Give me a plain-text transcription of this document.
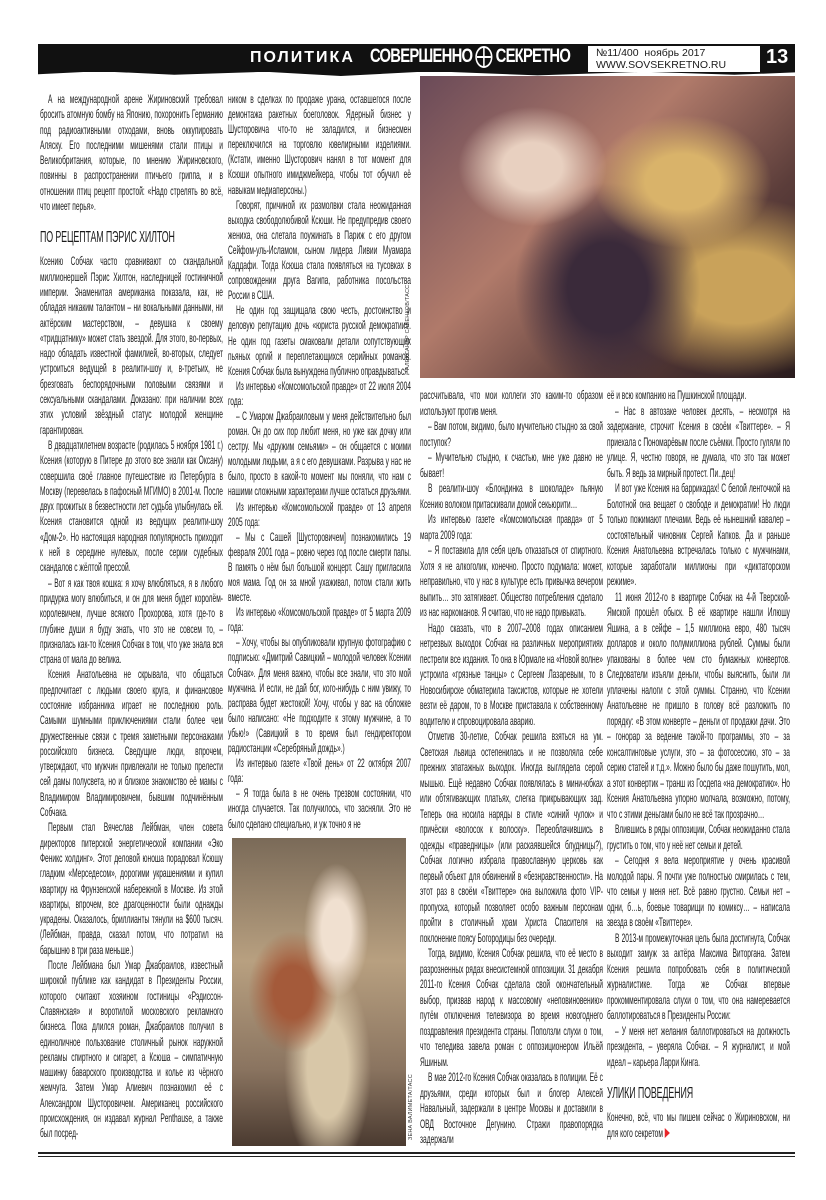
ПОЛИТИКА СОВЕРШЕННО СЕКРЕТНО №11/400  ноябрь 2017
WWW.SOVSEKRETNO.RU	13
АЛЕКСАНДР САВЕНКОВ/ТАСС
ЗЕНА ВАЛИМЕТА/ТАСС

А на международной арене Жириновский требовал бросить атомную бомбу на Японию, похоронить Германию под радиоактивными отходами, вновь оккупировать Аляску. Его последними мишенями стали птицы и Великобритания, которые, по мнению Жириновского, повинны в распространении птичьего гриппа, и в отношении птиц рецепт простой: «Надо стрелять во всё, что имеет перья».

ПО РЕЦЕПТАМ ПЭРИС ХИЛТОН

Ксению Собчак часто сравнивают со скандальной миллионершей Пэрис Хилтон, наследницей гостиничной империи. Знаменитая американка показала, как, не обладая никаким талантом – ни вокальными данными, ни актёрским мастерством, – девушка к своему «тридцатнику» может стать звездой. Для этого, во-первых, надо обладать известной фамилией, во-вторых, следует устроиться ведущей в реалити-шоу и, в-третьих, не брезговать беспорядочными половыми связями и сексуальными скандалами. Доказано: при наличии всех этих условий звёздный статус молодой женщине гарантирован.

В двадцатилетнем возрасте (родилась 5 ноября 1981 г.) Ксения (которую в Питере до этого все знали как Оксану) совершила своё главное путешествие из Петербурга в Москву (перевелась в пафосный МГИМО) в 2001-м. После двух прожитых в безвестности лет судьба улыбнулась ей. Ксения становится одной из ведущих реалити-шоу «Дом-2». Но настоящая народная популярность приходит к ней в середине нулевых, после серии судебных скандалов с жёлтой прессой.

– Вот я как твоя кошка: я хочу влюбляться, я в любого придурка могу влюбиться, и он для меня будет королём-королевичем, лучше всякого Прохорова, хотя где-то в глубине души я буду знать, что это не совсем то, – призналась как-то Ксения Собчак в том, что уже знала вся страна от мала до велика.

Ксения Анатольевна не скрывала, что общаться предпочитает с людьми своего круга, и финансовое состояние избранника играет не последнюю роль. Самыми шумными приключениями стали более чем дружественные связи с тремя заметными персонажами российского бизнеса. Сведущие люди, впрочем, утверждают, что мужчин привлекали не только прелести сей дамы полусвета, но и близкое знакомство её мамы с Владимиром Владимировичем, бывшим подчинённым Собчака.

Первым стал Вячеслав Лейбман, член совета директоров питерской энергетической компании «Эко Феникс холдинг». Этот деловой юноша порадовал Ксюшу гладким «Мерседесом», дорогими украшениями и купил квартиру на Фрунзенской набережной в Москве. Из этой квартиры, впрочем, все драгоценности были однажды украдены. Оказалось, бриллианты тянули на $600 тысяч. (Лейбман, правда, сказал потом, что потратил на барышню в три раза меньше.)

После Лейбмана был Умар Джабраилов, известный широкой публике как кандидат в Президенты России, которого считают хозяином гостиницы «Рэдиссон-Славянская» и воротилой московского рекламного бизнеса. Пока длился роман, Джабраилов получил в единоличное пользование столичный рынок наружной рекламы спиртного и сигарет, а Ксюша – симпатичную машинку баварского производства и колье из чёрного жемчуга. Затем Умар Алиевич познакомил её с Александром Шусторовичем. Американец российского происхождения, он издавал журнал Penthause, а также был посред-

ником в сделках по продаже урана, оставшегося после демонтажа ракетных боеголовок. Ядерный бизнес у Шусторовича что-то не заладился, и бизнесмен переключился на торговлю ювелирными изделиями. (Кстати, именно Шусторович нанял в тот момент для Ксюши опытного имиджмейкера, чтобы тот обучил её навыкам медиаперсоны.)

Говорят, причиной их размолвки стала неожиданная выходка свободолюбивой Ксюши. Не предупредив своего жениха, она слетала поужинать в Париж с его другом Сейфом-уль-Исламом, сыном лидера Ливии Муамара Каддафи. Тогда Ксюша стала появляться на тусовках в сопровождении друга Вагипа, работника посольства России в США.

Не один год защищала свою честь, достоинство и деловую репутацию дочь «юриста русской демократии». Не один год газеты смаковали детали сопутствующих пьяных оргий и переплетающихся серийных романов. Ксения Собчак была вынуждена публично оправдываться.

Из интервью «Комсомольской правде» от 22 июля 2004 года:

– С Умаром Джабраиловым у меня действительно был роман. Он до сих пор любит меня, но уже как дочку или сестру. Мы «дружим семьями» – он общается с моими молодыми людьми, а я с его девушками. Разрыва у нас не было, просто в какой-то момент мы поняли, что нам с нашими сложными характерами лучше остаться друзьями.

Из интервью «Комсомольской правде» от 13 апреля 2005 года:

– Мы с Сашей [Шусторовичем] познакомились 19 февраля 2001 года – ровно через год после смерти папы. В память о нём был большой концерт. Сашу пригласила моя мама. Год он за мной ухаживал, потом стали жить вместе.

Из интервью «Комсомольской правде» от 5 марта 2009 года:

– Хочу, чтобы вы опубликовали крупную фотографию с подписью: «Дмитрий Савицкий – молодой человек Ксении Собчак». Для меня важно, чтобы все знали, что это мой мужчина. И если, не дай бог, кого-нибудь с ним увижу, то расправа будет жестокой! Хочу, чтобы у вас на обложке было написано: «Не подходите к этому мужчине, а то убью!» (Савицкий в то время был гендиректором радиостанции «Серебряный дождь».)

Из интервью газете «Твой день» от 22 октября 2007 года:

– Я тогда была в не очень трезвом состоянии, что иногда случается. Так получилось, что засняли. Это не было сделано специально, и уж точно я не

рассчитывала, что мои коллеги это каким-то образом используют против меня.

– Вам потом, видимо, было мучительно стыдно за свой поступок?

– Мучительно стыдно, к счастью, мне уже давно не бывает!

В реалити-шоу «Блондинка в шоколаде» пьяную Ксению волоком притаскивали домой секьюрити…

Из интервью газете «Комсомольская правда» от 5 марта 2009 года:

– Я поставила для себя цель отказаться от спиртного. Хотя я не алкоголик, конечно. Просто подумала: может, неправильно, что у нас в культуре есть привычка вечером выпить… это затягивает. Общество потребления сделало из нас наркоманов. Я считаю, что не надо привыкать.

Надо сказать, что в 2007–2008 годах описанием нетрезвых выходок Собчак на различных мероприятиях пестрели все издания. То она в Юрмале на «Новой волне» устроила «грязные танцы» с Сергеем Лазаревым, то в Новосибирске обматерила таксистов, которые не хотели везти её даром, то в Москве приставала к собственному водителю и спровоцировала аварию.

Отметив 30-летие, Собчак решила взяться на ум. Светская львица остепенилась и не позволяла себе прежних эпатажных выходок. Иногда выглядела серой мышью. Ещё недавно Собчак появлялась в мини-юбках или обтягивающих платьях, слегка прикрывающих зад. Теперь она носила наряды в стиле «синий чулок» и причёски «волосок к волоску». Переоблачившись в одежды «праведницы» (или раскаявшейся блудницы?), Собчак логично избрала православную церковь как первый объект для обвинений в «безнравственности». На этот раз в своём «Твиттере» она выложила фото VIP-пропуска, который позволяет особо важным персонам пройти в столичный храм Христа Спасителя на поклонение поясу Богородицы без очереди.

Тогда, видимо, Ксения Собчак решила, что её место в разрозненных рядах внесистемной оппозиции. 31 декабря 2011-го Ксения Собчак сделала свой окончательный выбор, призвав народ к массовому «неповиновению» путём отключения телевизора во время новогоднего поздравления президента страны. Поползли слухи о том, что теледива завела роман с оппозиционером Ильёй Яшиным.

В мае 2012-го Ксения Собчак оказалась в полиции. Её с друзьями, среди которых был и блогер Алексей Навальный, задержали в центре Москвы и доставили в ОВД Восточное Дегунино. Стражи правопорядка задержали

её и всю компанию на Пушкинской площади.

– Нас в автозаке человек десять, – несмотря на задержание, строчит Ксения в своём «Твиттере». – Я приехала с Пономарёвым после съёмки. Просто гуляли по улице. Я, честно говоря, не думала, что это так может быть. Я ведь за мирный протест. Пи..дец!

И вот уже Ксения на баррикадах! С белой ленточкой на Болотной она вещает о свободе и демократии! Но люди только пожимают плечами. Ведь её нынешний кавалер – состоятельный чиновник Сергей Капков. Да и раньше Ксения Анатольевна встречалась только с мужчинами, которые заработали миллионы при «диктаторском режиме».

11 июня 2012-го в квартире Собчак на 4-й Тверской-Ямской прошёл обыск. В её квартире нашли Илюшу Яшина, а в сейфе – 1,5 миллиона евро, 480 тысяч долларов и около полумиллиона рублей. Суммы были упакованы в более чем сто бумажных конвертов. Следователи изъяли деньги, чтобы выяснить, были ли уплачены налоги с этой суммы. Странно, что Ксении Анатольевне не пришло в голову всё разложить по порядку: «В этом конверте – деньги от продажи дачи. Это – гонорар за ведение такой-то программы, это – за консалтинговые услуги, это – за фотосессию, это – за серию статей и т.д.». Можно было бы даже пошутить, мол, а этот конвертик – транш из Госдепа «на демократию». Но Ксения Анатольевна упорно молчала, возможно, потому, что с этими деньгами было не всё так прозрачно…

Влившись в ряды оппозиции, Собчак неожиданно стала грустить о том, что у неё нет семьи и детей.

– Сегодня я вела мероприятие у очень красивой молодой пары. Я почти уже полностью смирилась с тем, что семьи у меня нет. Всё равно грустно. Семьи нет – одни, б…ь, боевые товарищи по комиксу… – написала звезда в своём «Твиттере».

В 2013-м промежуточная цель была достигнута, Собчак выходит замуж за актёра Максима Виторгана. Затем Ксения решила попробовать себя в политической журналистике. Тогда же Собчак впервые прокомментировала слухи о том, что она намеревается баллотироваться в Президенты России:

– У меня нет желания баллотироваться на должность президента, – уверяла Собчак. – Я журналист, и мой идеал – карьера Ларри Кинга.

УЛИКИ ПОВЕДЕНИЯ

Конечно, всё, что мы пишем сейчас о Жириновском, ни для кого секретом
